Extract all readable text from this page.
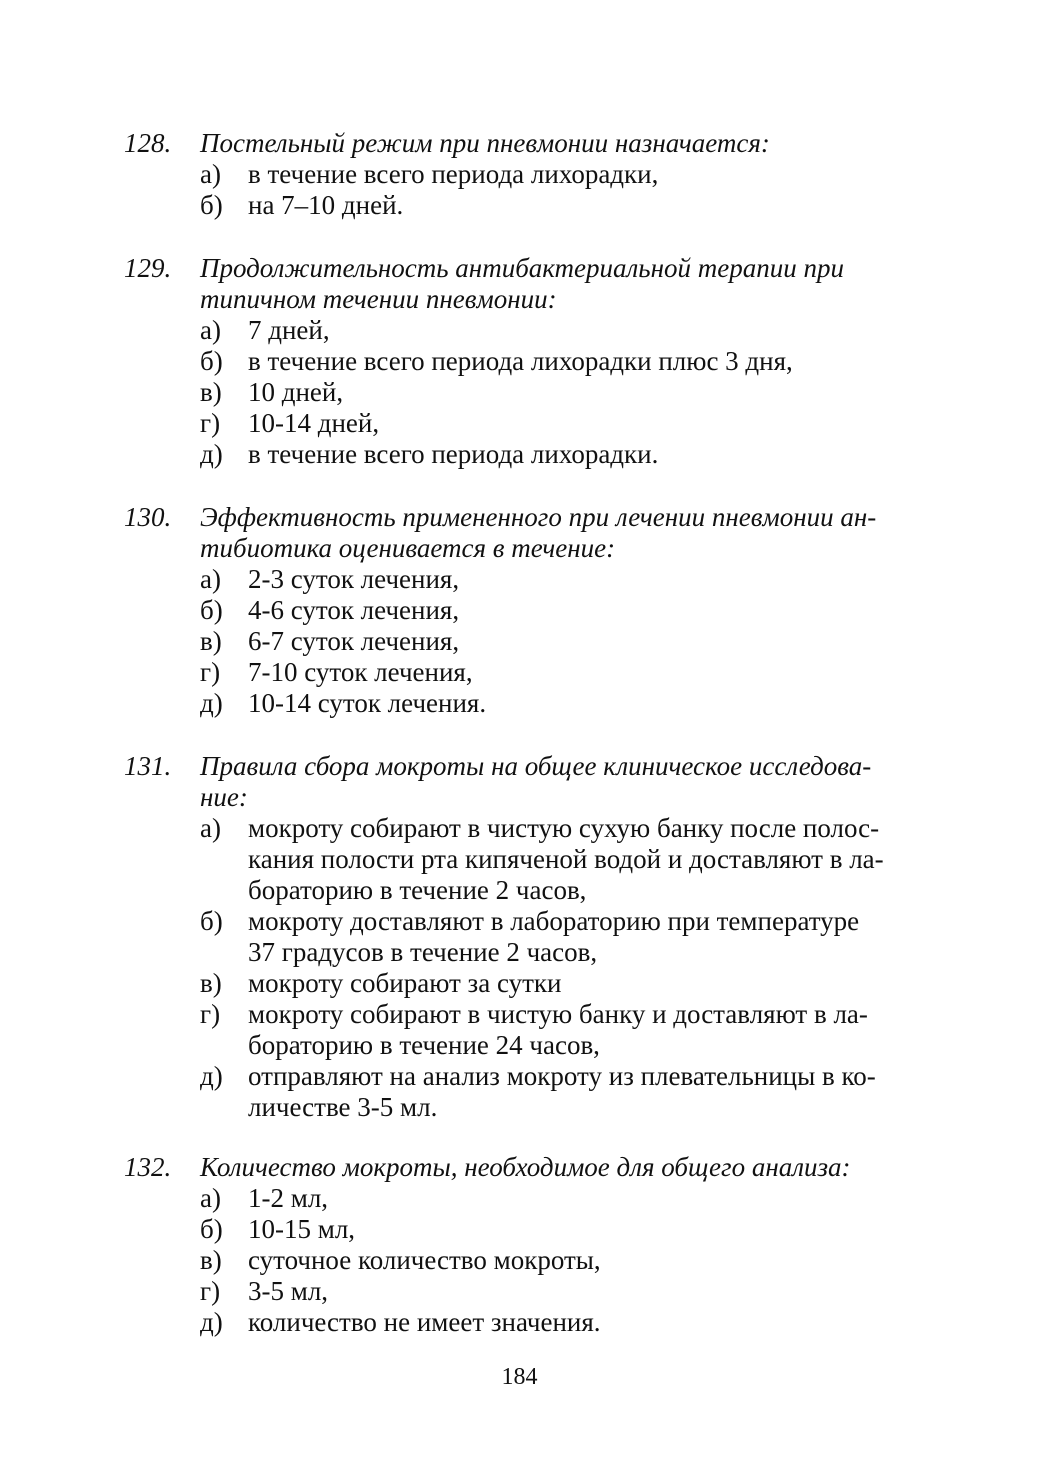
128. Постельный режим при пневмонии назначается:
а) в течение всего периода лихорадки,
б) на 7–10 дней.
129. Продолжительность антибактериальной терапии при
типичном течении пневмонии:
а) 7 дней,
б) в течение всего периода лихорадки плюс 3 дня,
в) 10 дней,
г) 10-14 дней,
д) в течение всего периода лихорадки.
130. Эффективность примененного при лечении пневмонии ан-
тибиотика оценивается в течение:
а) 2-3 суток лечения,
б) 4-6 суток лечения,
в) 6-7 суток лечения,
г) 7-10 суток лечения,
д) 10-14 суток лечения.
131. Правила сбора мокроты на общее клиническое исследова-
ние:
а) мокроту собирают в чистую сухую банку после полос-
кания полости рта кипяченой водой и доставляют в ла-
бораторию в течение 2 часов,
б) мокроту доставляют в лабораторию при температуре
37 градусов в течение 2 часов,
в) мокроту собирают за сутки
г) мокроту собирают в чистую банку и доставляют в ла-
бораторию в течение 24 часов,
д) отправляют на анализ мокроту из плевательницы в ко-
личестве 3-5 мл.
132. Количество мокроты, необходимое для общего анализа:
а) 1-2 мл,
б) 10-15 мл,
в) суточное количество мокроты,
г) 3-5 мл,
д) количество не имеет значения.
184
